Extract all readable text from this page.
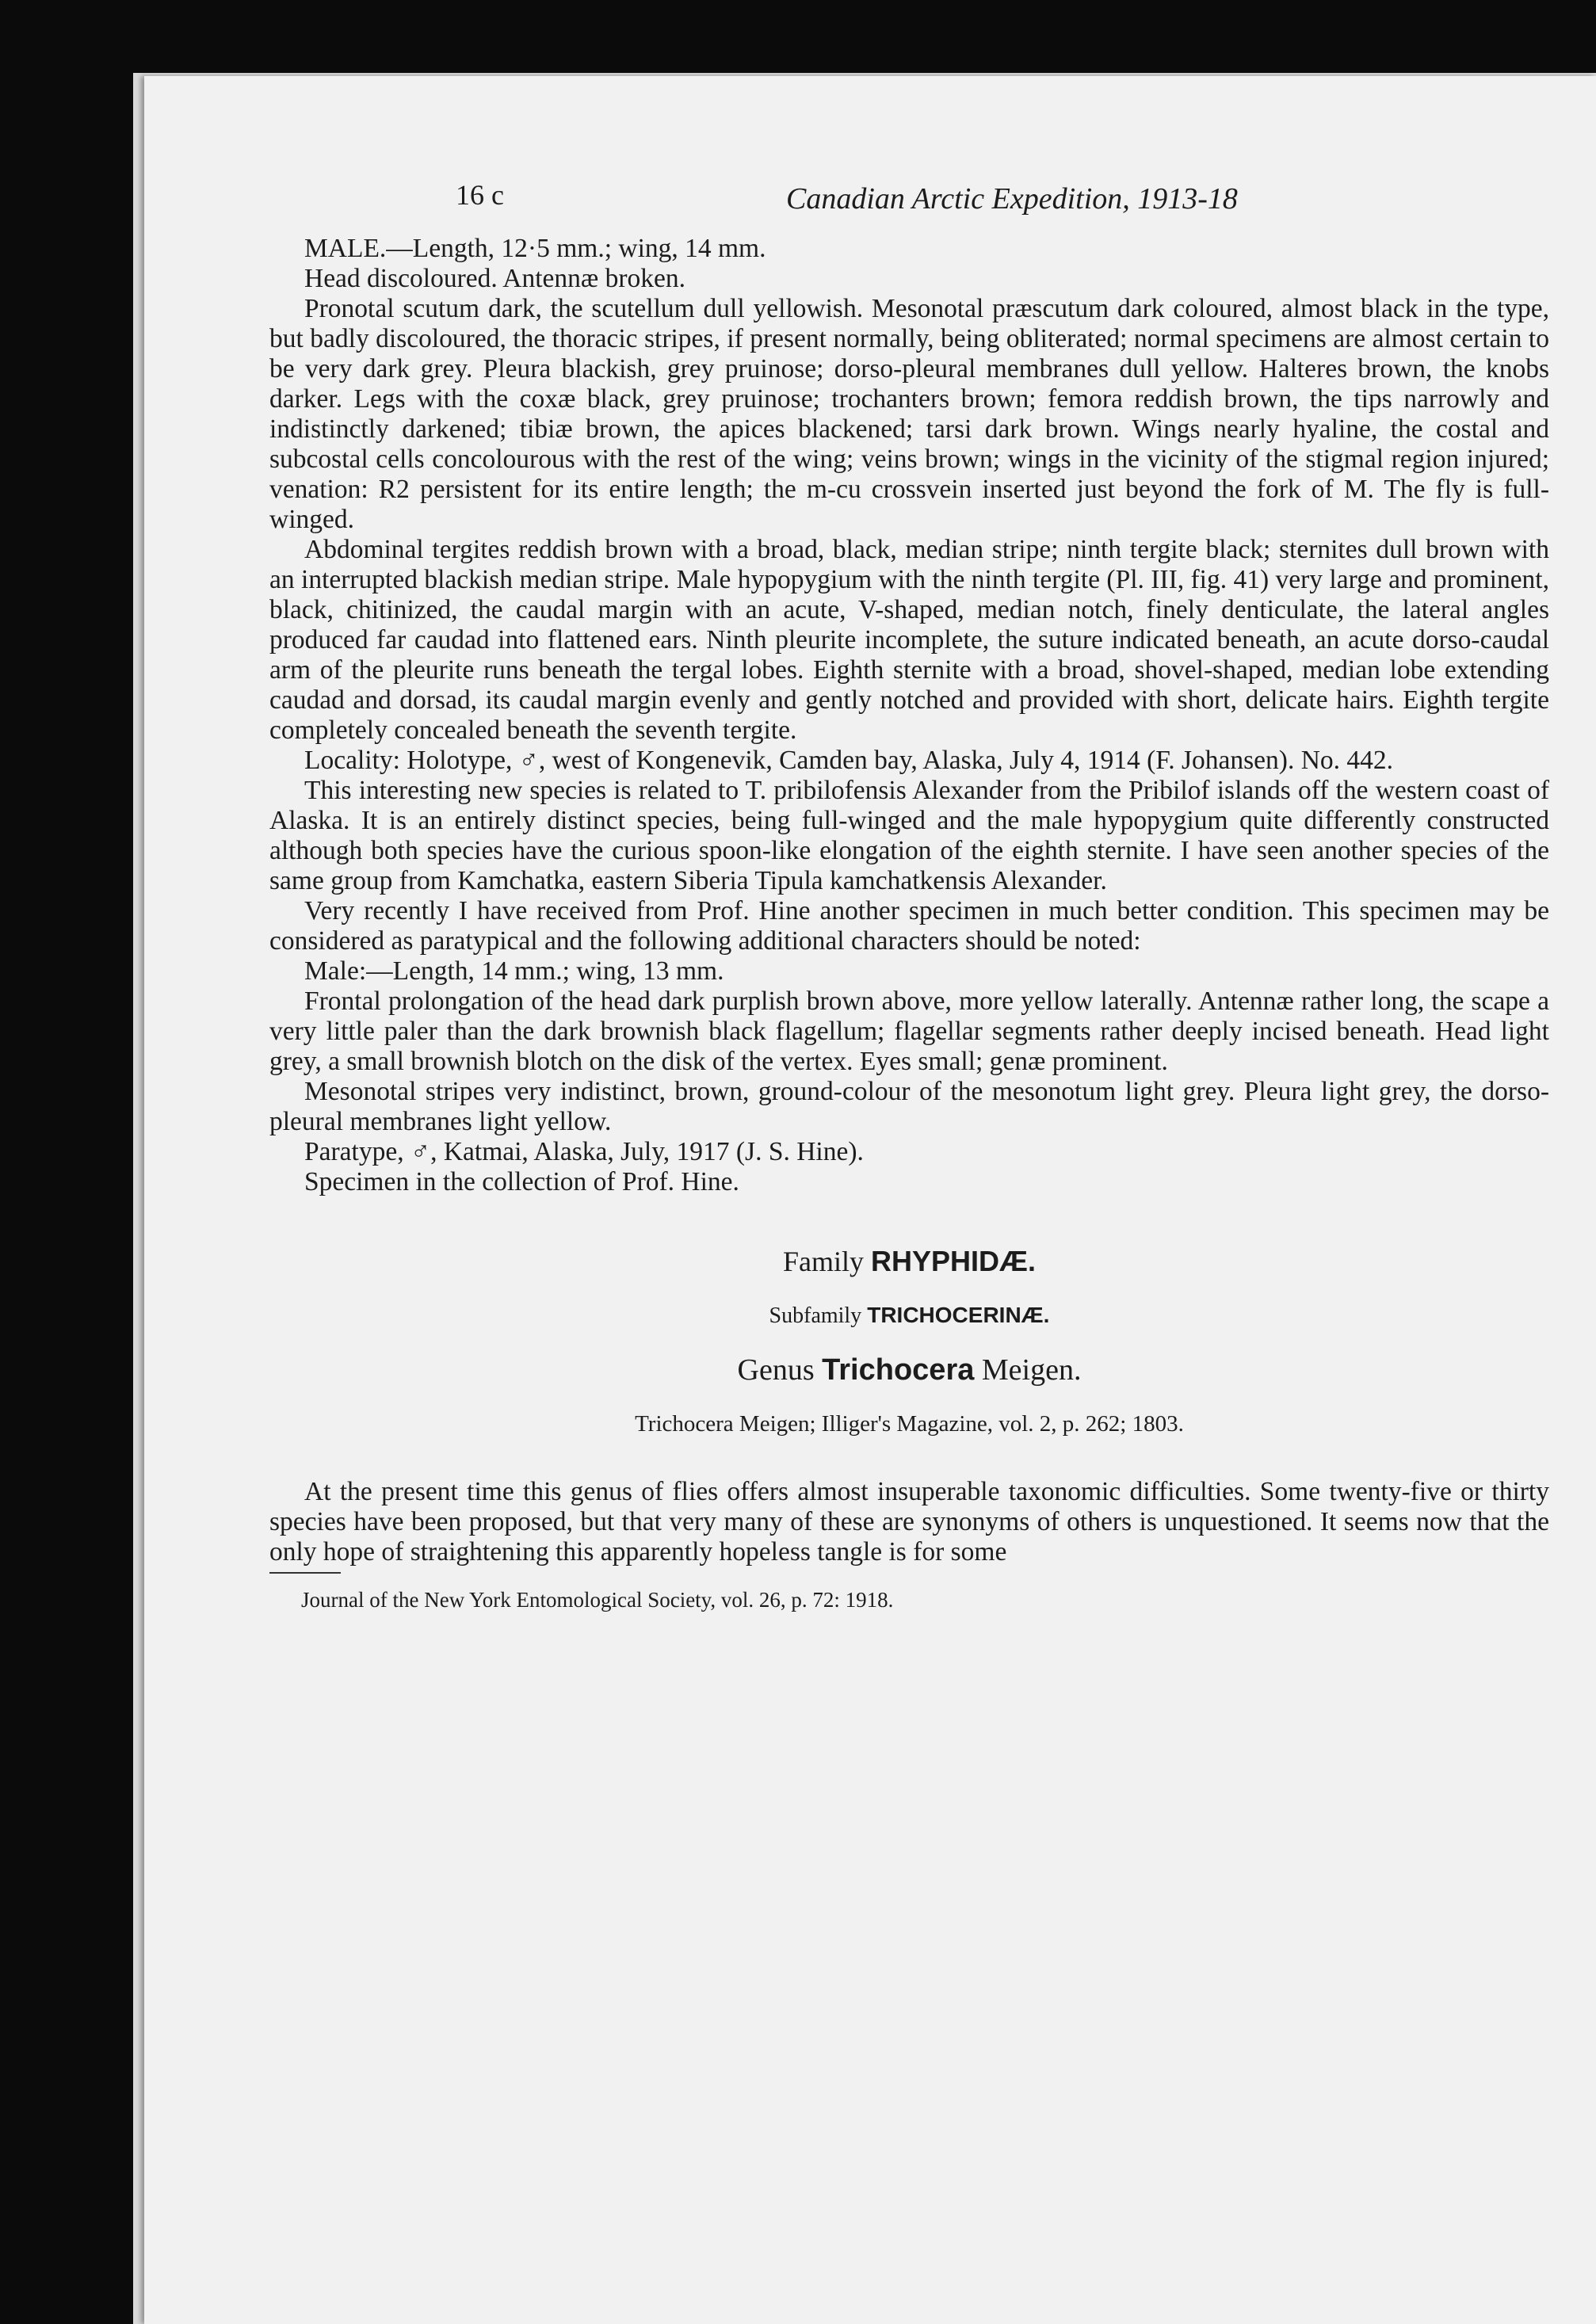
16 c	Canadian Arctic Expedition, 1913-18

MALE.—Length, 12·5 mm.; wing, 14 mm.

Head discoloured. Antennæ broken.

Pronotal scutum dark, the scutellum dull yellowish. Mesonotal præscutum dark coloured, almost black in the type, but badly discoloured, the thoracic stripes, if present normally, being obliterated; normal specimens are almost certain to be very dark grey. Pleura blackish, grey pruinose; dorso-pleural membranes dull yellow. Halteres brown, the knobs darker. Legs with the coxæ black, grey pruinose; trochanters brown; femora reddish brown, the tips narrowly and indistinctly darkened; tibiæ brown, the apices blackened; tarsi dark brown. Wings nearly hyaline, the costal and subcostal cells concolourous with the rest of the wing; veins brown; wings in the vicinity of the stigmal region injured; venation: R2 persistent for its entire length; the m-cu crossvein inserted just beyond the fork of M. The fly is full-winged.

Abdominal tergites reddish brown with a broad, black, median stripe; ninth tergite black; sternites dull brown with an interrupted blackish median stripe. Male hypopygium with the ninth tergite (Pl. III, fig. 41) very large and prominent, black, chitinized, the caudal margin with an acute, V-shaped, median notch, finely denticulate, the lateral angles produced far caudad into flattened ears. Ninth pleurite incomplete, the suture indicated beneath, an acute dorso-caudal arm of the pleurite runs beneath the tergal lobes. Eighth sternite with a broad, shovel-shaped, median lobe extending caudad and dorsad, its caudal margin evenly and gently notched and provided with short, delicate hairs. Eighth tergite completely concealed beneath the seventh tergite.

Locality: Holotype, ♂, west of Kongenevik, Camden bay, Alaska, July 4, 1914 (F. Johansen). No. 442.

This interesting new species is related to T. pribilofensis Alexander from the Pribilof islands off the western coast of Alaska. It is an entirely distinct species, being full-winged and the male hypopygium quite differently constructed although both species have the curious spoon-like elongation of the eighth sternite. I have seen another species of the same group from Kamchatka, eastern Siberia Tipula kamchatkensis Alexander.

Very recently I have received from Prof. Hine another specimen in much better condition. This specimen may be considered as paratypical and the following additional characters should be noted:

Male:—Length, 14 mm.; wing, 13 mm.

Frontal prolongation of the head dark purplish brown above, more yellow laterally. Antennæ rather long, the scape a very little paler than the dark brownish black flagellum; flagellar segments rather deeply incised beneath. Head light grey, a small brownish blotch on the disk of the vertex. Eyes small; genæ prominent.

Mesonotal stripes very indistinct, brown, ground-colour of the mesonotum light grey. Pleura light grey, the dorso-pleural membranes light yellow.

Paratype, ♂, Katmai, Alaska, July, 1917 (J. S. Hine).

Specimen in the collection of Prof. Hine.

Family RHYPHIDÆ.
Subfamily TRICHOCERINÆ.
Genus Trichocera Meigen.
Trichocera Meigen; Illiger's Magazine, vol. 2, p. 262; 1803.

At the present time this genus of flies offers almost insuperable taxonomic difficulties. Some twenty-five or thirty species have been proposed, but that very many of these are synonyms of others is unquestioned. It seems now that the only hope of straightening this apparently hopeless tangle is for some

Journal of the New York Entomological Society, vol. 26, p. 72: 1918.
